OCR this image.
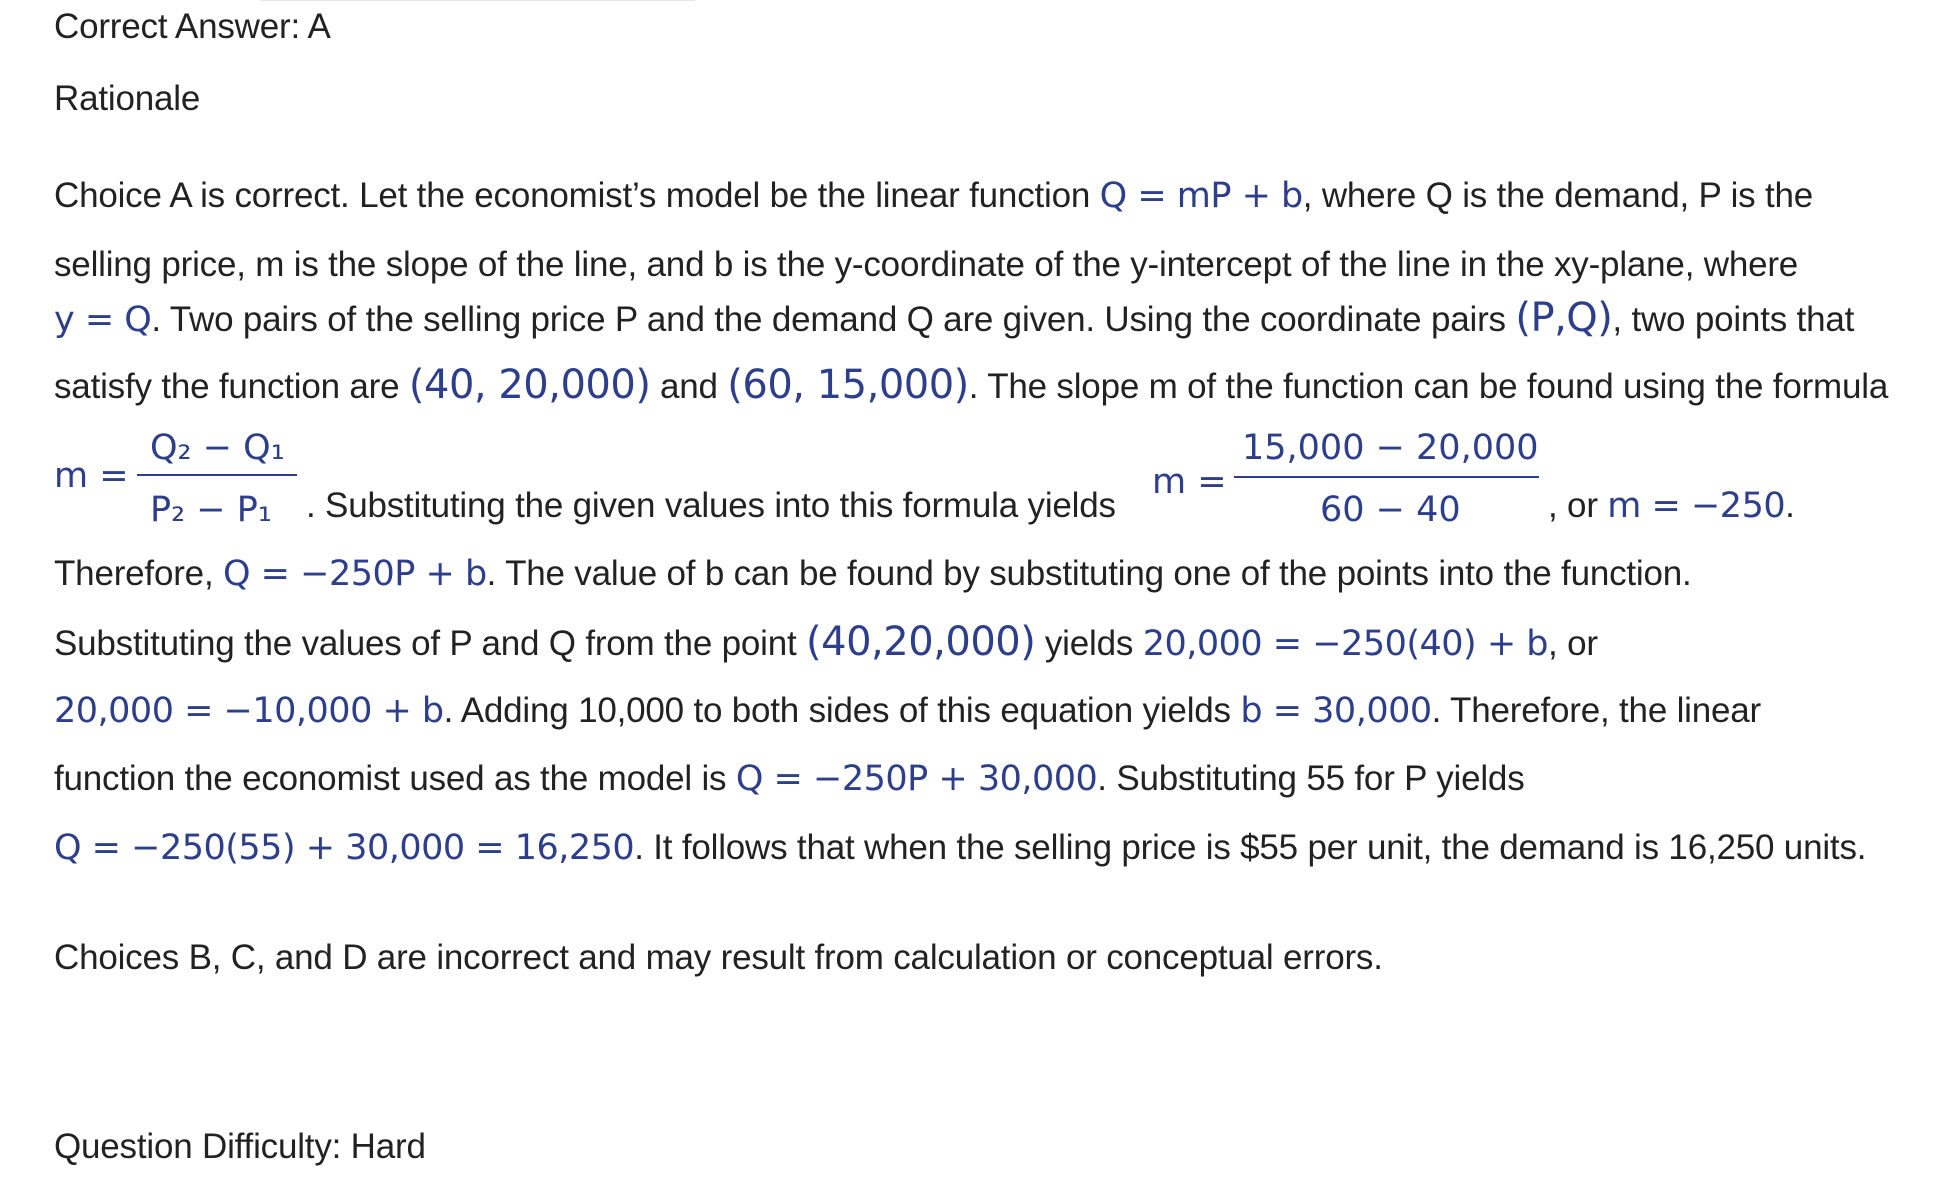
Correct Answer: A
Rationale
Choice A is correct. Let the economist’s model be the linear function Q = mP + b, where Q is the demand, P is the
selling price, m is the slope of the line, and b is the y-coordinate of the y-intercept of the line in the xy-plane, where
y = Q. Two pairs of the selling price P and the demand Q are given. Using the coordinate pairs (P,Q), two points that
satisfy the function are (40, 20,000) and (60, 15,000). The slope m of the function can be found using the formula
m =
Q₂ − Q₁
P₂ − P₁ . Substituting the given values into this formula yields
m =
15,000 − 20,000
60 − 40 , or m = −250.
Therefore, Q = −250P + b. The value of b can be found by substituting one of the points into the function.
Substituting the values of P and Q from the point (40,20,000) yields 20,000 = −250(40) + b, or
20,000 = −10,000 + b. Adding 10,000 to both sides of this equation yields b = 30,000. Therefore, the linear
function the economist used as the model is Q = −250P + 30,000. Substituting 55 for P yields
Q = −250(55) + 30,000 = 16,250. It follows that when the selling price is $55 per unit, the demand is 16,250 units.
Choices B, C, and D are incorrect and may result from calculation or conceptual errors.
Question Difficulty: Hard
